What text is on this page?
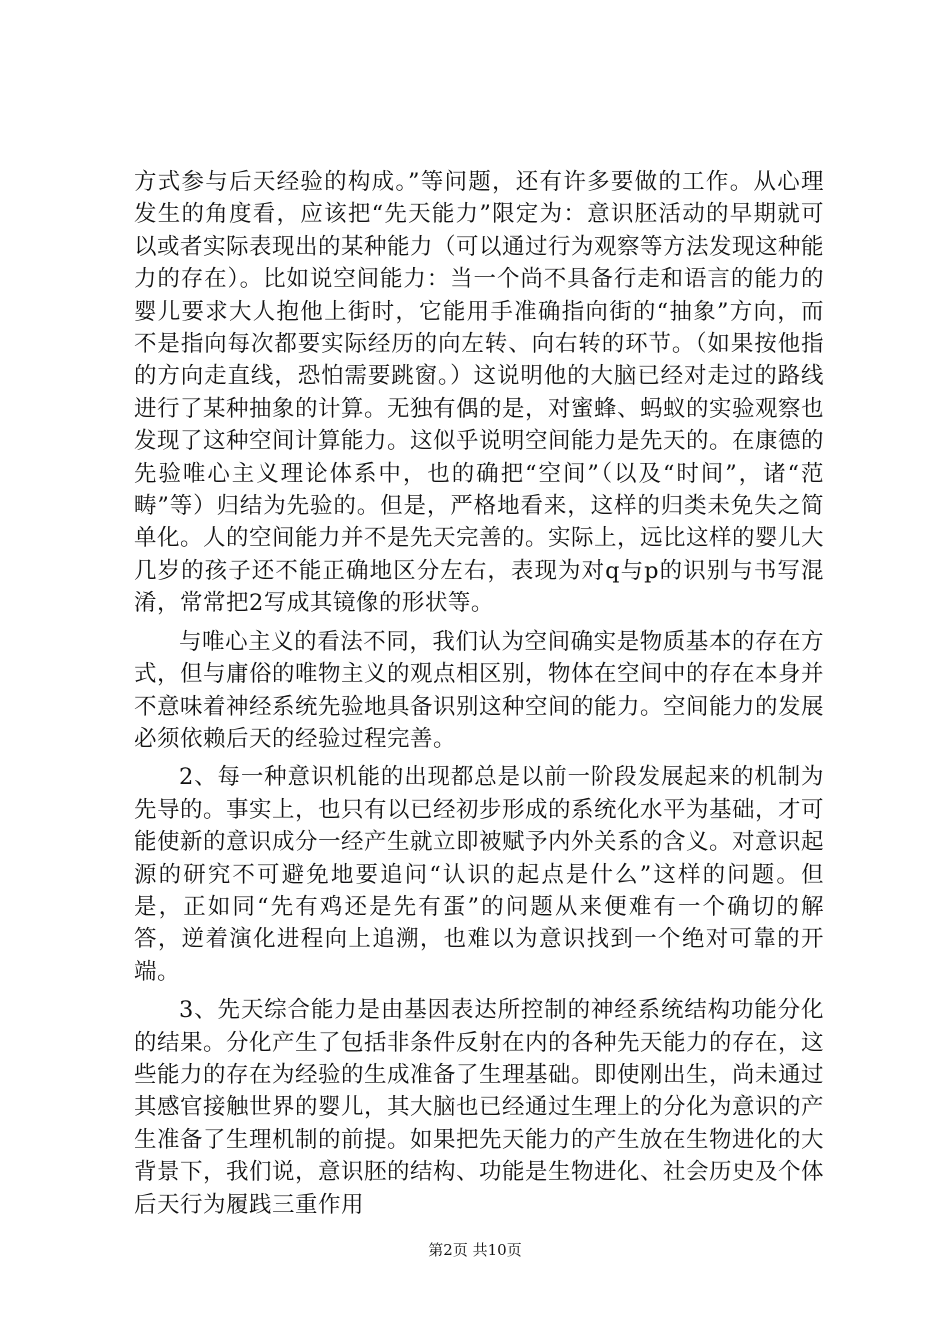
方式参与后天经验的构成。”等问题，还有许多要做的工作。从心理发生的角度看，应该把“先天能力”限定为：意识胚活动的早期就可以或者实际表现出的某种能力（可以通过行为观察等方法发现这种能力的存在）。比如说空间能力：当一个尚不具备行走和语言的能力的婴儿要求大人抱他上街时，它能用手准确指向街的“抽象”方向，而不是指向每次都要实际经历的向左转、向右转的环节。（如果按他指的方向走直线，恐怕需要跳窗。）这说明他的大脑已经对走过的路线进行了某种抽象的计算。无独有偶的是，对蜜蜂、蚂蚁的实验观察也发现了这种空间计算能力。这似乎说明空间能力是先天的。在康德的先验唯心主义理论体系中，也的确把“空间”（以及“时间”，诸“范畴”等）归结为先验的。但是，严格地看来，这样的归类未免失之简单化。人的空间能力并不是先天完善的。实际上，远比这样的婴儿大几岁的孩子还不能正确地区分左右，表现为对q与p的识别与书写混淆，常常把2写成其镜像的形状等。

与唯心主义的看法不同，我们认为空间确实是物质基本的存在方式，但与庸俗的唯物主义的观点相区别，物体在空间中的存在本身并不意味着神经系统先验地具备识别这种空间的能力。空间能力的发展必须依赖后天的经验过程完善。

2、每一种意识机能的出现都总是以前一阶段发展起来的机制为先导的。事实上，也只有以已经初步形成的系统化水平为基础，才可能使新的意识成分一经产生就立即被赋予内外关系的含义。对意识起源的研究不可避免地要追问“认识的起点是什么”这样的问题。但是，正如同“先有鸡还是先有蛋”的问题从来便难有一个确切的解答，逆着演化进程向上追溯，也难以为意识找到一个绝对可靠的开端。

3、先天综合能力是由基因表达所控制的神经系统结构功能分化的结果。分化产生了包括非条件反射在内的各种先天能力的存在，这些能力的存在为经验的生成准备了生理基础。即使刚出生，尚未通过其感官接触世界的婴儿，其大脑也已经通过生理上的分化为意识的产生准备了生理机制的前提。如果把先天能力的产生放在生物进化的大背景下，我们说，意识胚的结构、功能是生物进化、社会历史及个体后天行为履践三重作用

第2页 共10页
